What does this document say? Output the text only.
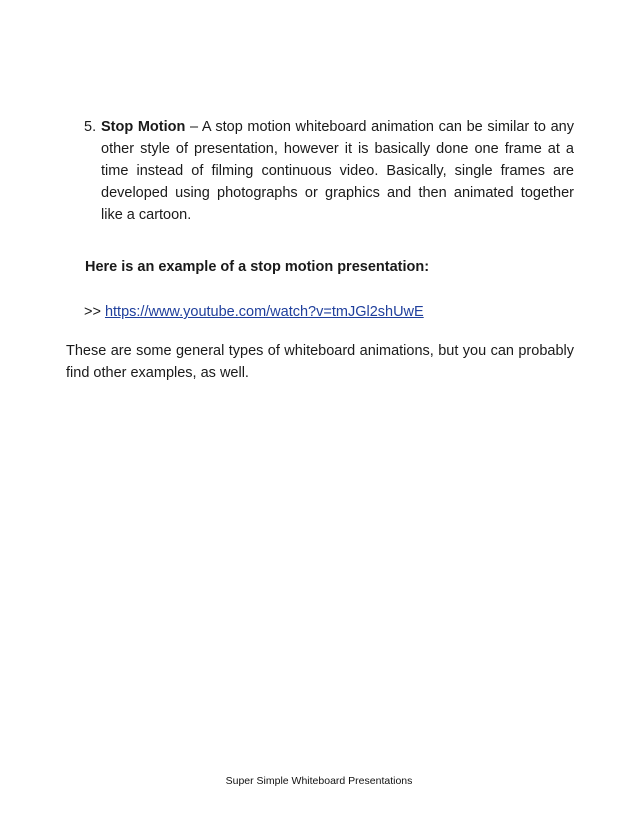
5. Stop Motion – A stop motion whiteboard animation can be similar to any other style of presentation, however it is basically done one frame at a time instead of filming continuous video. Basically, single frames are developed using photographs or graphics and then animated together like a cartoon.
Here is an example of a stop motion presentation:
>> https://www.youtube.com/watch?v=tmJGl2shUwE
These are some general types of whiteboard animations, but you can probably find other examples, as well.
Super Simple Whiteboard Presentations
